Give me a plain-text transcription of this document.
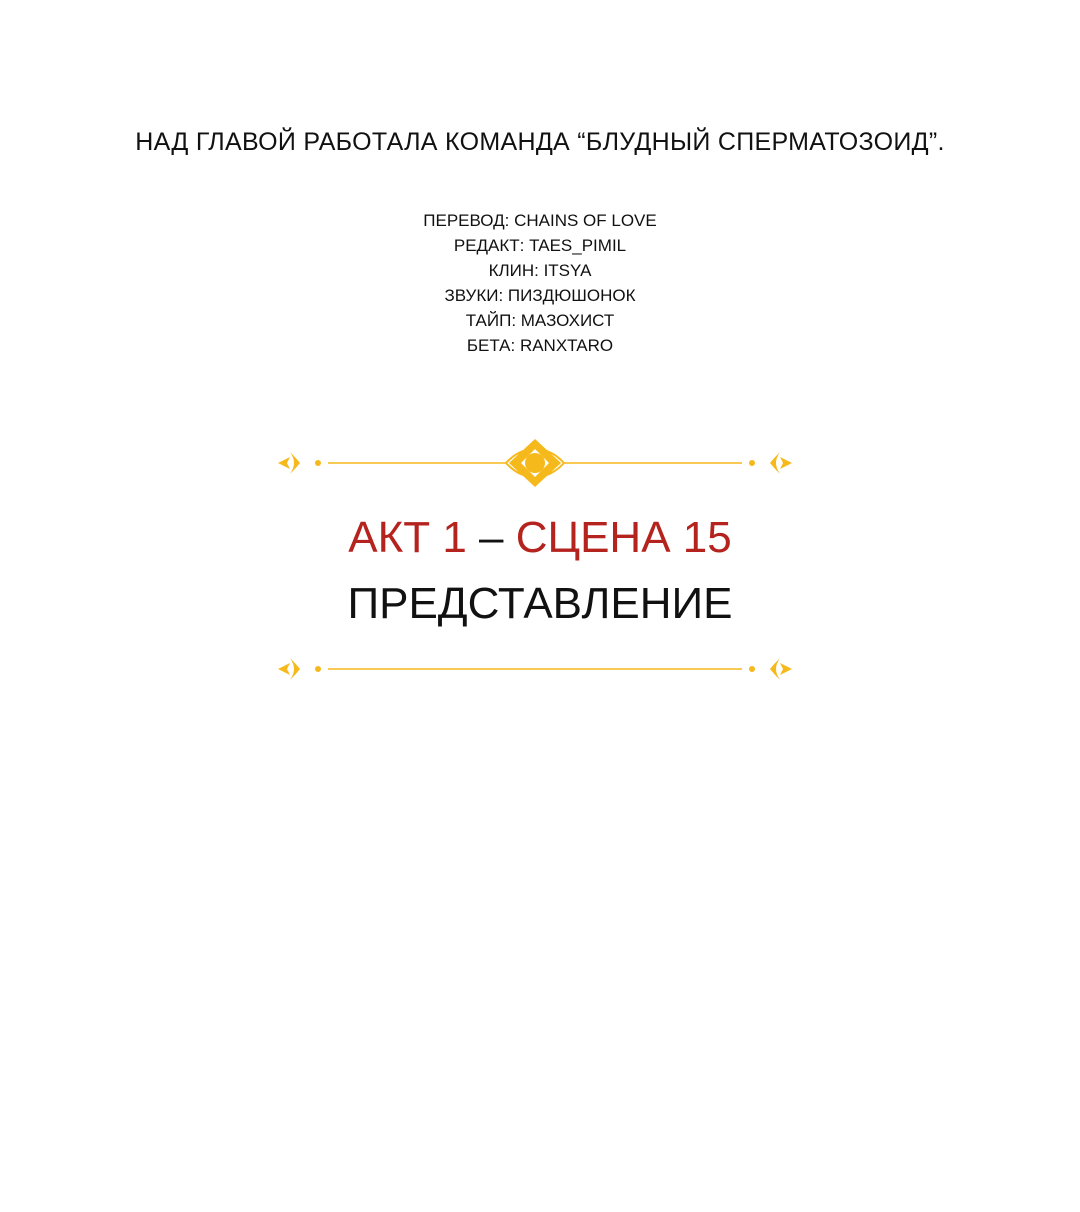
НАД ГЛАВОЙ РАБОТАЛА КОМАНДА “БЛУДНЫЙ СПЕРМАТОЗОИД”.
ПЕРЕВОД: CHAINS OF LOVE
РЕДАКТ: TAES_PIMIL
КЛИН: ITSYA
ЗВУКИ: ПИЗДЮШОНОК
ТАЙП: МАЗОХИСТ
БЕТА: RANXTARO
АКТ 1 – СЦЕНА 15
ПРЕДСТАВЛЕНИЕ
